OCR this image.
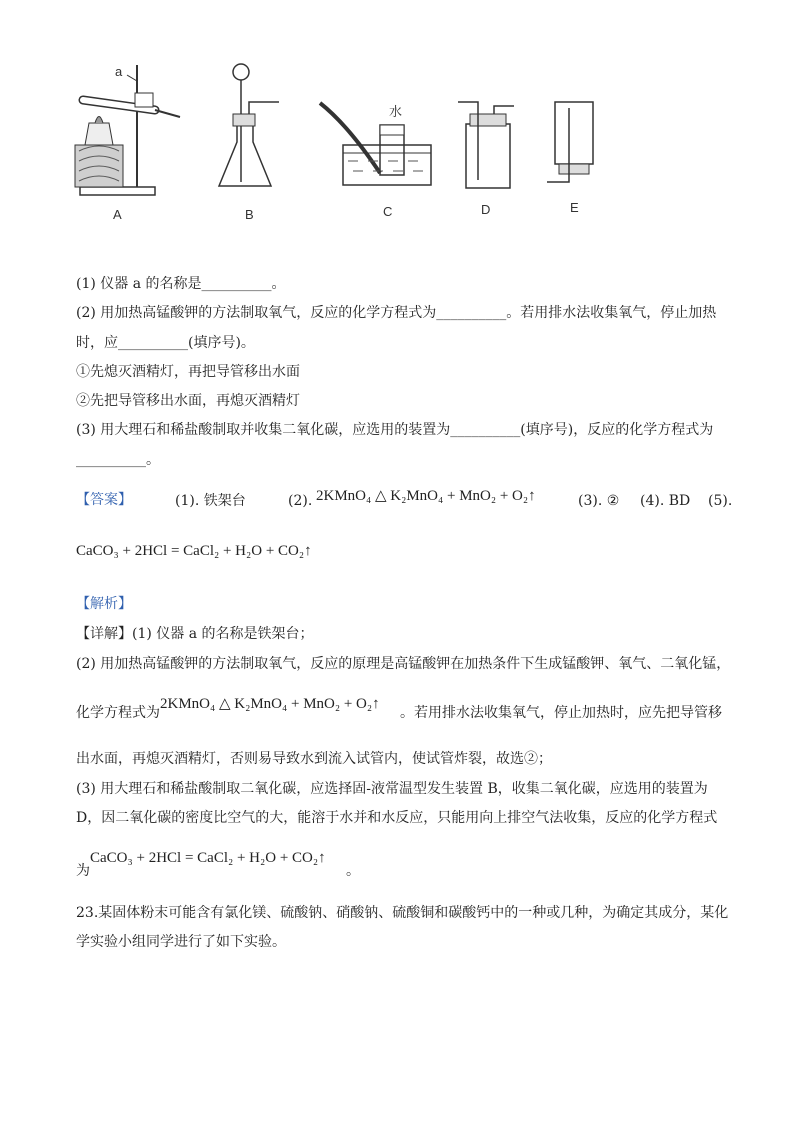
a
A	B
水
C	D	E
(1) 仪器 a 的名称是__________。
(2) 用加热高锰酸钾的方法制取氧气，反应的化学方程式为__________。若用排水法收集氧气，停止加热
时，应__________(填序号)。
①先熄灭酒精灯，再把导管移出水面
②先把导管移出水面，再熄灭酒精灯
(3) 用大理石和稀盐酸制取并收集二氧化碳，应选用的装置为__________(填序号)，反应的化学方程式为
__________。
【答案】	(1). 铁架台	(2). 2KMnO₄ △ K₂MnO₄ + MnO₂ + O₂↑	(3). ② (4). BD (5).
CaCO₃ + 2HCl = CaCl₂ + H₂O + CO₂↑
【解析】
【详解】(1) 仪器 a 的名称是铁架台；
(2) 用加热高锰酸钾的方法制取氧气，反应的原理是高锰酸钾在加热条件下生成锰酸钾、氧气、二氧化锰，
化学方程式为
2KMnO₄ △ K₂MnO₄ + MnO₂ + O₂↑
。若用排水法收集氧气，停止加热时，应先把导管移
出水面，再熄灭酒精灯，否则易导致水到流入试管内，使试管炸裂，故选②；
(3) 用大理石和稀盐酸制取二氧化碳，应选择固-液常温型发生装置 B，收集二氧化碳，应选用的装置为
D，因二氧化碳的密度比空气的大，能溶于水并和水反应，只能用向上排空气法收集，反应的化学方程式
为
CaCO₃ + 2HCl = CaCl₂ + H₂O + CO₂↑
。
23.某固体粉末可能含有氯化镁、硫酸钠、硝酸钠、硫酸铜和碳酸钙中的一种或几种，为确定其成分，某化
学实验小组同学进行了如下实验。
